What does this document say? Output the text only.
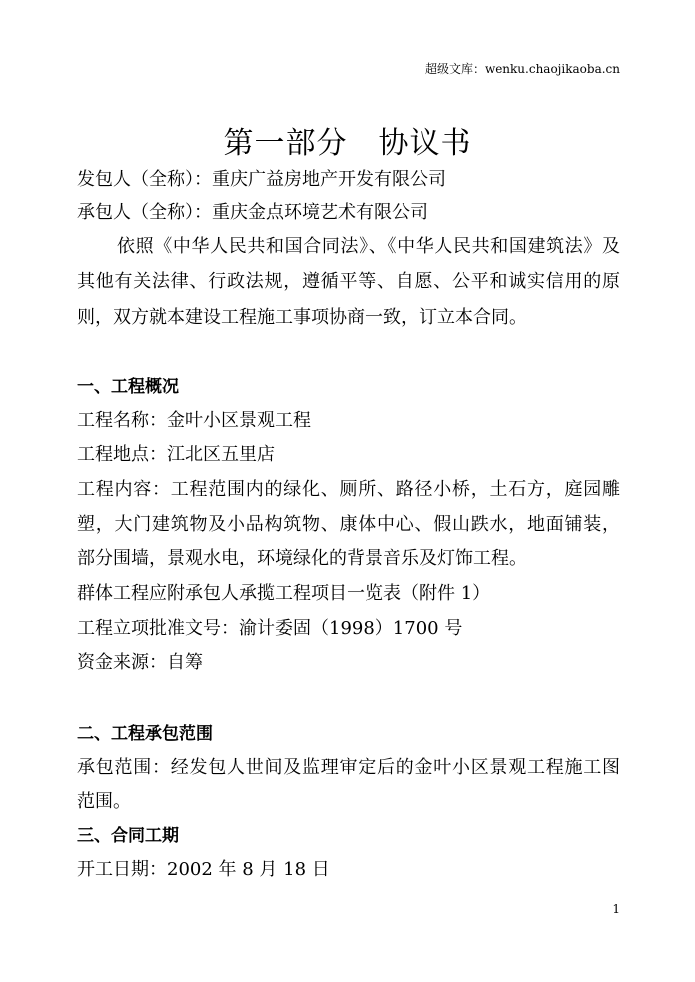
超级文库：wenku.chaojikaoba.cn
第一部分　协议书
发包人（全称）：重庆广益房地产开发有限公司
承包人（全称）：重庆金点环境艺术有限公司
依照《中华人民共和国合同法》、《中华人民共和国建筑法》及
其他有关法律、行政法规，遵循平等、自愿、公平和诚实信用的原
则，双方就本建设工程施工事项协商一致，订立本合同。
一、工程概况
工程名称：金叶小区景观工程
工程地点：江北区五里店
工程内容：工程范围内的绿化、厕所、路径小桥，土石方，庭园雕
塑，大门建筑物及小品构筑物、康体中心、假山跌水，地面铺装，
部分围墙，景观水电，环境绿化的背景音乐及灯饰工程。
群体工程应附承包人承揽工程项目一览表（附件 1）
工程立项批准文号：渝计委固（1998）1700 号
资金来源：自筹
二、工程承包范围
承包范围：经发包人世间及监理审定后的金叶小区景观工程施工图
范围。
三、合同工期
开工日期：2002 年 8 月 18 日
1
